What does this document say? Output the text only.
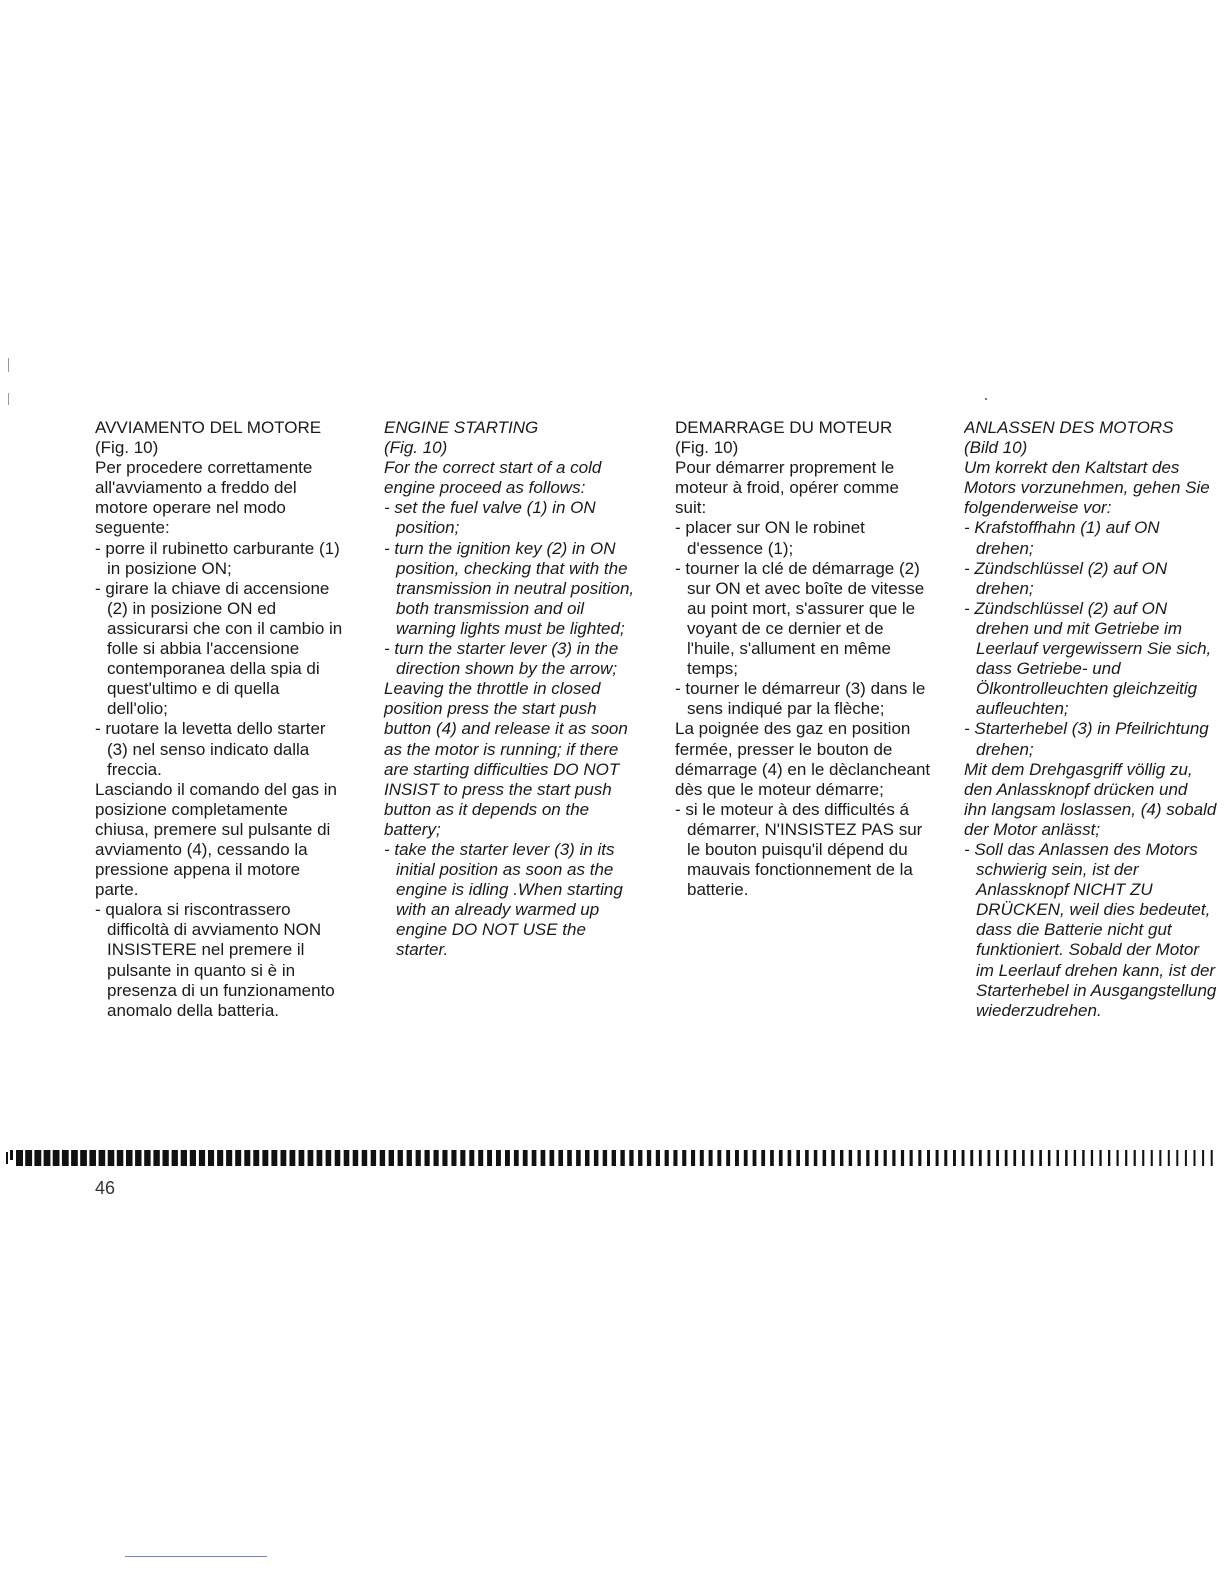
AVVIAMENTO DEL MOTORE
(Fig. 10)
Per procedere correttamente
all'avviamento a freddo del
motore operare nel modo
seguente:
- porre il rubinetto carburante (1)
in posizione ON;
- girare la chiave di accensione
(2) in posizione ON ed
assicurarsi che con il cambio in
folle si abbia l'accensione
contemporanea della spia di
quest'ultimo e di quella
dell'olio;
- ruotare la levetta dello starter
(3) nel senso indicato dalla
freccia.
Lasciando il comando del gas in
posizione completamente
chiusa, premere sul pulsante di
avviamento (4), cessando la
pressione appena il motore
parte.
- qualora si riscontrassero
difficoltà di avviamento NON
INSISTERE nel premere il
pulsante in quanto si è in
presenza di un funzionamento
anomalo della batteria.
ENGINE STARTING
(Fig. 10)
For the correct start of a cold
engine proceed as follows:
- set the fuel valve (1) in ON
position;
- turn the ignition key (2) in ON
position, checking that with the
transmission in neutral position,
both transmission and oil
warning lights must be lighted;
- turn the starter lever (3) in the
direction shown by the arrow;
Leaving the throttle in closed
position press the start push
button (4) and release it as soon
as the motor is running; if there
are starting difficulties DO NOT
INSIST to press the start push
button as it depends on the
battery;
- take the starter lever (3) in its
initial position as soon as the
engine is idling .When starting
with an already warmed up
engine DO NOT USE the
starter.
DEMARRAGE DU MOTEUR
(Fig. 10)
Pour démarrer proprement le
moteur à froid, opérer comme
suit:
- placer sur ON le robinet
d'essence (1);
- tourner la clé de démarrage (2)
sur ON et avec boîte de vitesse
au point mort, s'assurer que le
voyant de ce dernier et de
l'huile, s'allument en même
temps;
- tourner le démarreur (3) dans le
sens indiqué par la flèche;
La poignée des gaz en position
fermée, presser le bouton de
démarrage (4) en le dèclancheant
dès que le moteur démarre;
- si le moteur à des difficultés á
démarrer, N'INSISTEZ PAS sur
le bouton puisqu'il dépend du
mauvais fonctionnement de la
batterie.
ANLASSEN DES MOTORS
(Bild 10)
Um korrekt den Kaltstart des
Motors vorzunehmen, gehen Sie
folgenderweise vor:
- Krafstoffhahn (1) auf ON
drehen;
- Zündschlüssel (2) auf ON
drehen;
- Zündschlüssel (2) auf ON
drehen und mit Getriebe im
Leerlauf vergewissern Sie sich,
dass Getriebe- und
Ölkontrolleuchten gleichzeitig
aufleuchten;
- Starterhebel (3) in Pfeilrichtung
drehen;
Mit dem Drehgasgriff völlig zu,
den Anlassknopf drücken und
ihn langsam loslassen, (4) sobald
der Motor anlässt;
- Soll das Anlassen des Motors
schwierig sein, ist der
Anlassknopf NICHT ZU
DRÜCKEN, weil dies bedeutet,
dass die Batterie nicht gut
funktioniert. Sobald der Motor
im Leerlauf drehen kann, ist der
Starterhebel in Ausgangstellung
wiederzudrehen.
46
